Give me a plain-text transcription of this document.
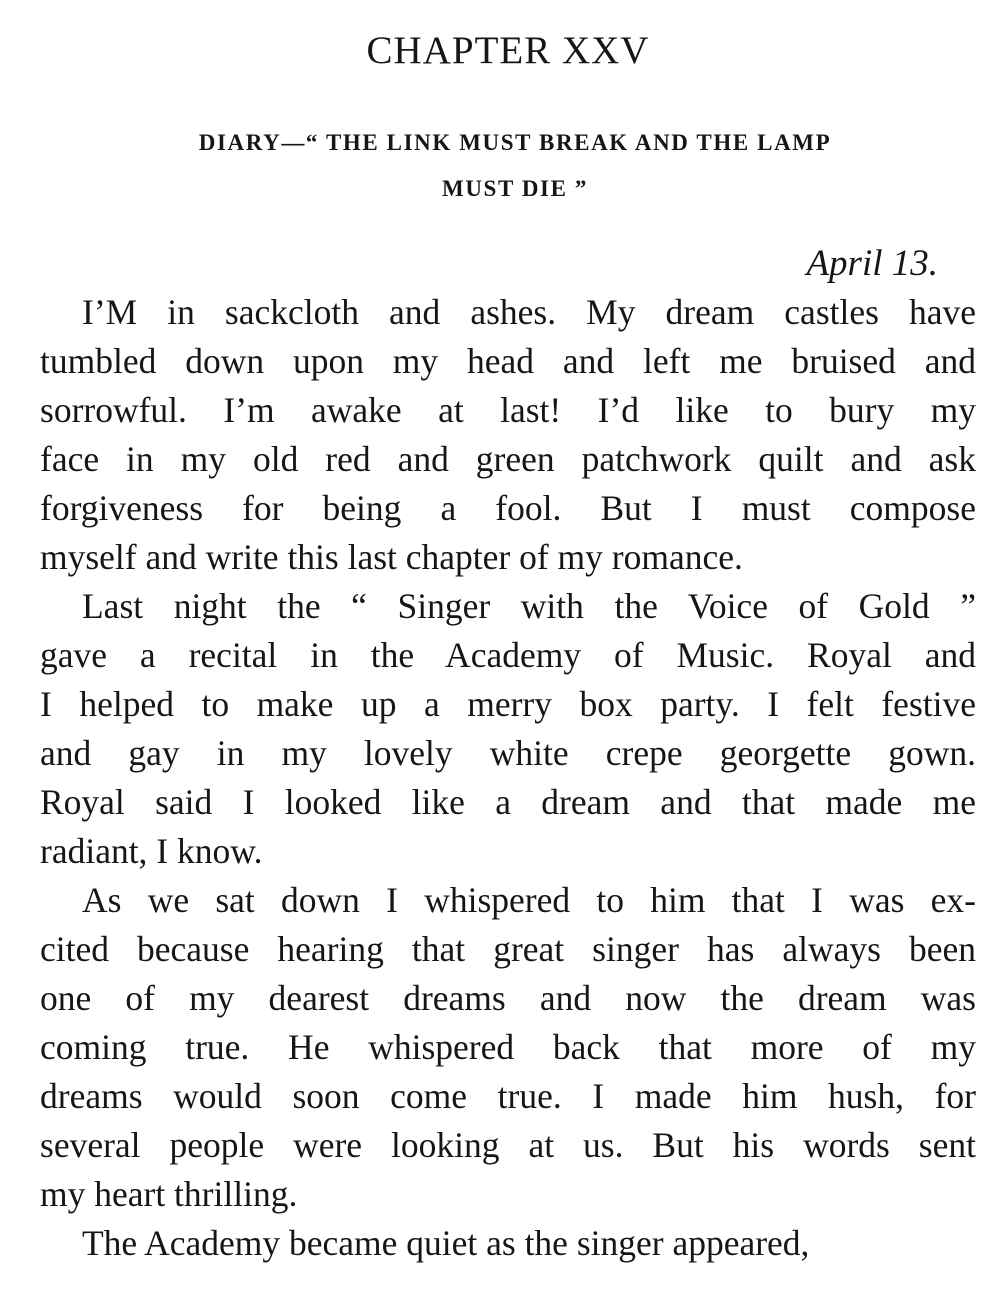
CHAPTER XXV
DIARY—“ THE LINK MUST BREAK AND THE LAMP
MUST DIE ”
April 13.
I’M in sackcloth and ashes. My dream castles have
tumbled down upon my head and left me bruised and
sorrowful. I’m awake at last! I’d like to bury my
face in my old red and green patchwork quilt and ask
forgiveness for being a fool. But I must compose
myself and write this last chapter of my romance.
Last night the “ Singer with the Voice of Gold ”
gave a recital in the Academy of Music. Royal and
I helped to make up a merry box party. I felt festive
and gay in my lovely white crepe georgette gown.
Royal said I looked like a dream and that made me
radiant, I know.
As we sat down I whispered to him that I was ex-
cited because hearing that great singer has always been
one of my dearest dreams and now the dream was
coming true. He whispered back that more of my
dreams would soon come true. I made him hush, for
several people were looking at us. But his words sent
my heart thrilling.
The Academy became quiet as the singer appeared,
